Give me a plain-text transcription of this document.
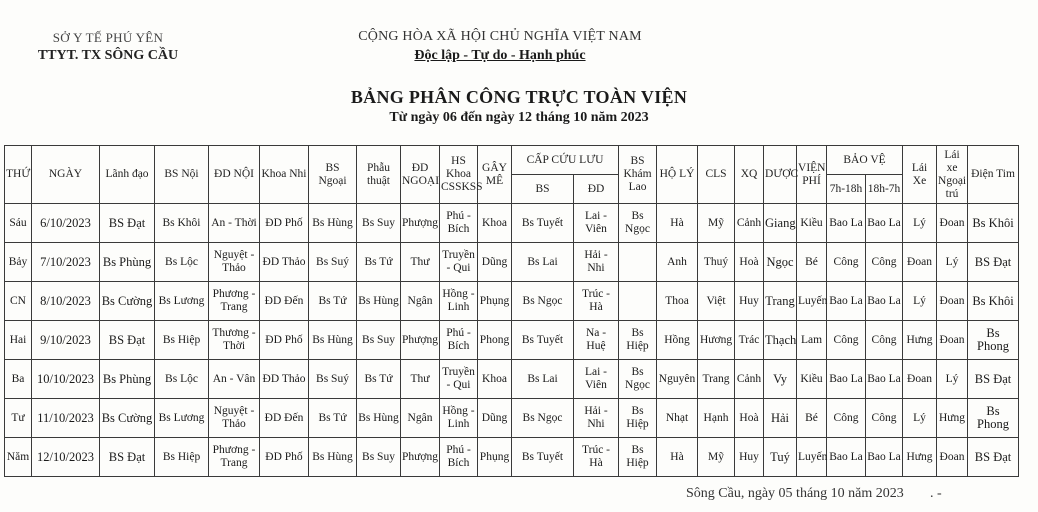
SỞ Y TẾ PHÚ YÊN
TTYT. TX SÔNG CẦU
CỘNG HÒA XÃ HỘI CHỦ NGHĨA VIỆT NAM
Độc lập - Tự do - Hạnh phúc
BẢNG PHÂN CÔNG TRỰC TOÀN VIỆN
Từ ngày 06 đến ngày 12 tháng 10 năm 2023
THỨ	NGÀY	Lãnh đạo	BS Nội	ĐD NỘI	Khoa Nhi	BS Ngoại	Phẫu thuật	ĐD NGOẠI	HS Khoa CSSKSS	GÂY MÊ	CẤP CỨU LƯU		BS Khám Lao	HỘ LÝ	CLS	XQ	DƯỢC	VIỆN PHÍ	BẢO VỆ		Lái Xe	Lái xe Ngoại trú	Điện Tim
											BS	ĐD							7h-18h	18h-7h			
Sáu	6/10/2023	BS Đạt	Bs Khôi	An - Thời	ĐD Phố	Bs Hùng	Bs Suy	Phượng	Phú - Bích	Khoa	Bs Tuyết	Lai - Viên	Bs Ngọc	Hà	Mỹ	Cảnh	Giang	Kiều	Bao La	Bao La	Lý	Đoan	Bs Khôi
Bảy	7/10/2023	Bs Phùng	Bs Lộc	Nguyệt - Thảo	ĐD Thảo	Bs Suý	Bs Tứ	Thư	Truyền - Qui	Dũng	Bs Lai	Hải - Nhi		Anh	Thuý	Hoà	Ngọc	Bé	Công	Công	Đoan	Lý	BS Đạt
CN	8/10/2023	Bs Cường	Bs Lương	Phương - Trang	ĐD Đến	Bs Tứ	Bs Hùng	Ngân	Hồng - Linh	Phụng	Bs Ngọc	Trúc - Hà		Thoa	Việt	Huy	Trang	Luyến	Bao La	Bao La	Lý	Đoan	Bs Khôi
Hai	9/10/2023	BS Đạt	Bs Hiệp	Thương - Thời	ĐD Phố	Bs Hùng	Bs Suy	Phượng	Phú - Bích	Phong	Bs Tuyết	Na - Huệ	Bs Hiệp	Hồng	Hương	Trác	Thạch	Lam	Công	Công	Hưng	Đoan	Bs Phong
Ba	10/10/2023	Bs Phùng	Bs Lộc	An - Vân	ĐD Thảo	Bs Suý	Bs Tứ	Thư	Truyền - Qui	Khoa	Bs Lai	Lai - Viên	Bs Ngọc	Nguyên	Trang	Cảnh	Vy	Kiều	Bao La	Bao La	Đoan	Lý	BS Đạt
Tư	11/10/2023	Bs Cường	Bs Lương	Nguyệt - Thảo	ĐD Đến	Bs Tứ	Bs Hùng	Ngân	Hồng - Linh	Dũng	Bs Ngọc	Hải - Nhi	Bs Hiệp	Nhạt	Hạnh	Hoà	Hải	Bé	Công	Công	Lý	Hưng	Bs Phong
Năm	12/10/2023	BS Đạt	Bs Hiệp	Phương - Trang	ĐD Phố	Bs Hùng	Bs Suy	Phượng	Phú - Bích	Phụng	Bs Tuyết	Trúc - Hà	Bs Hiệp	Hà	Mỹ	Huy	Tuý	Luyến	Bao La	Bao La	Hưng	Đoan	BS Đạt
Sông Cầu, ngày 05 tháng 10 năm 2023 . -
